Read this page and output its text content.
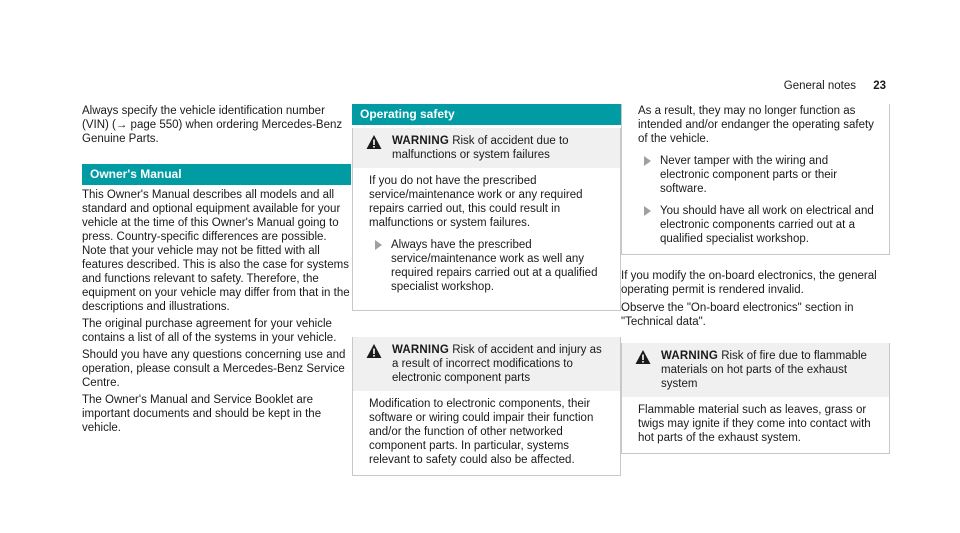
General notes 23

Always specify the vehicle identification number (VIN) (→ page 550) when ordering Mercedes-Benz Genuine Parts.

Owner's Manual

This Owner's Manual describes all models and all standard and optional equipment available for your vehicle at the time of this Owner's Manual going to press. Country-specific differences are possible. Note that your vehicle may not be fitted with all features described. This is also the case for systems and functions relevant to safety. Therefore, the equipment on your vehicle may differ from that in the descriptions and illustrations.

The original purchase agreement for your vehicle contains a list of all of the systems in your vehicle.

Should you have any questions concerning use and operation, please consult a Mercedes-Benz Service Centre.

The Owner's Manual and Service Booklet are important documents and should be kept in the vehicle.

Operating safety
WARNING Risk of accident due to malfunctions or system failures

If you do not have the prescribed service/maintenance work or any required repairs carried out, this could result in malfunctions or system failures.

Always have the prescribed service/maintenance work as well any required repairs carried out at a qualified specialist workshop.
WARNING Risk of accident and injury as a result of incorrect modifications to electronic component parts

Modification to electronic components, their software or wiring could impair their function and/or the function of other networked component parts. In particular, systems relevant to safety could also be affected.

As a result, they may no longer function as intended and/or endanger the operating safety of the vehicle.

Never tamper with the wiring and electronic component parts or their software.
You should have all work on electrical and electronic components carried out at a qualified specialist workshop.

If you modify the on-board electronics, the general operating permit is rendered invalid.

Observe the "On-board electronics" section in "Technical data".

WARNING Risk of fire due to flammable materials on hot parts of the exhaust system

Flammable material such as leaves, grass or twigs may ignite if they come into contact with hot parts of the exhaust system.
